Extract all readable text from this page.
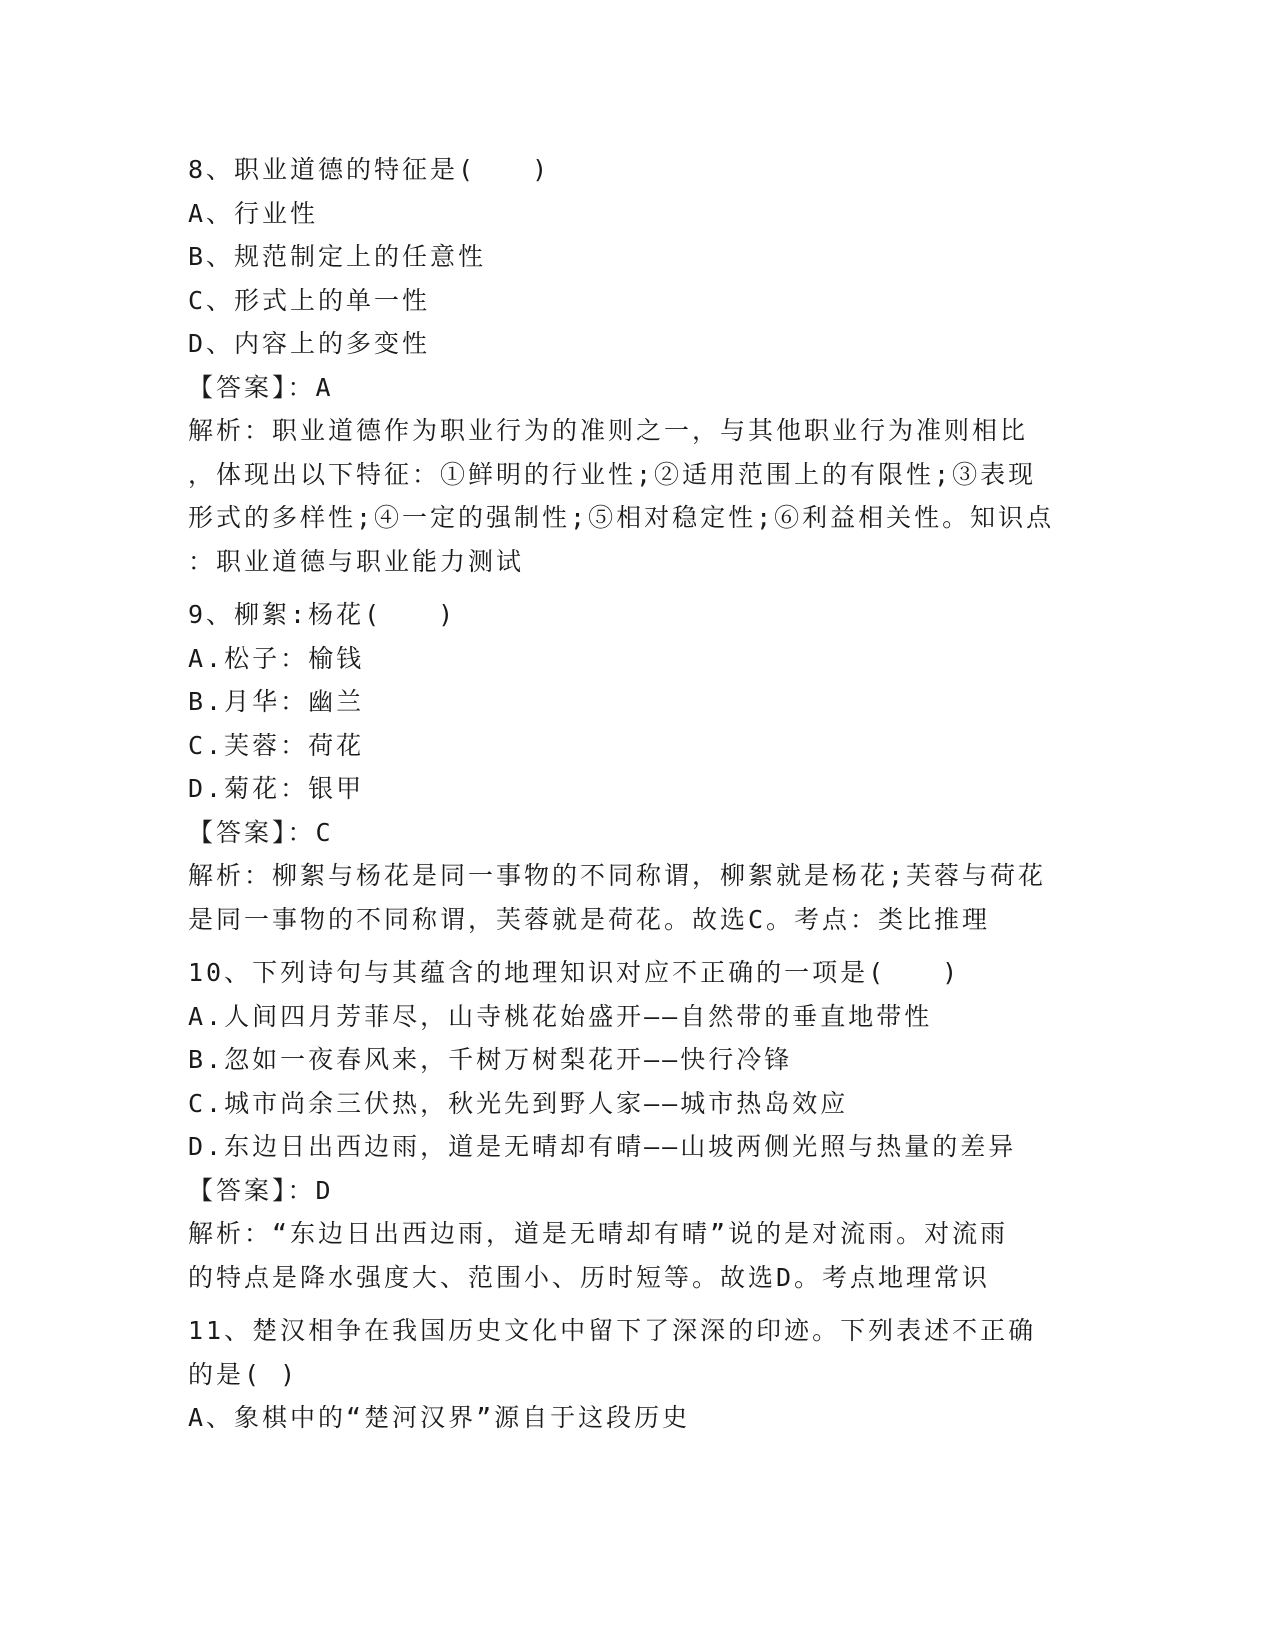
8、职业道德的特征是(　　)
A、行业性
B、规范制定上的任意性
C、形式上的单一性
D、内容上的多变性
【答案】：A
解析：职业道德作为职业行为的准则之一，与其他职业行为准则相比
，体现出以下特征：①鲜明的行业性;②适用范围上的有限性;③表现
形式的多样性;④一定的强制性;⑤相对稳定性;⑥利益相关性。知识点
：职业道德与职业能力测试
9、柳絮:杨花(　　)
A.松子：榆钱
B.月华：幽兰
C.芙蓉：荷花
D.菊花：银甲
【答案】：C
解析：柳絮与杨花是同一事物的不同称谓，柳絮就是杨花;芙蓉与荷花
是同一事物的不同称谓，芙蓉就是荷花。故选C。考点：类比推理
10、下列诗句与其蕴含的地理知识对应不正确的一项是(　　)
A.人间四月芳菲尽，山寺桃花始盛开——自然带的垂直地带性
B.忽如一夜春风来，千树万树梨花开——快行冷锋
C.城市尚余三伏热，秋光先到野人家——城市热岛效应
D.东边日出西边雨，道是无晴却有晴——山坡两侧光照与热量的差异
【答案】：D
解析：“东边日出西边雨，道是无晴却有晴”说的是对流雨。对流雨
的特点是降水强度大、范围小、历时短等。故选D。考点地理常识
11、楚汉相争在我国历史文化中留下了深深的印迹。下列表述不正确
的是( )
A、象棋中的“楚河汉界”源自于这段历史
